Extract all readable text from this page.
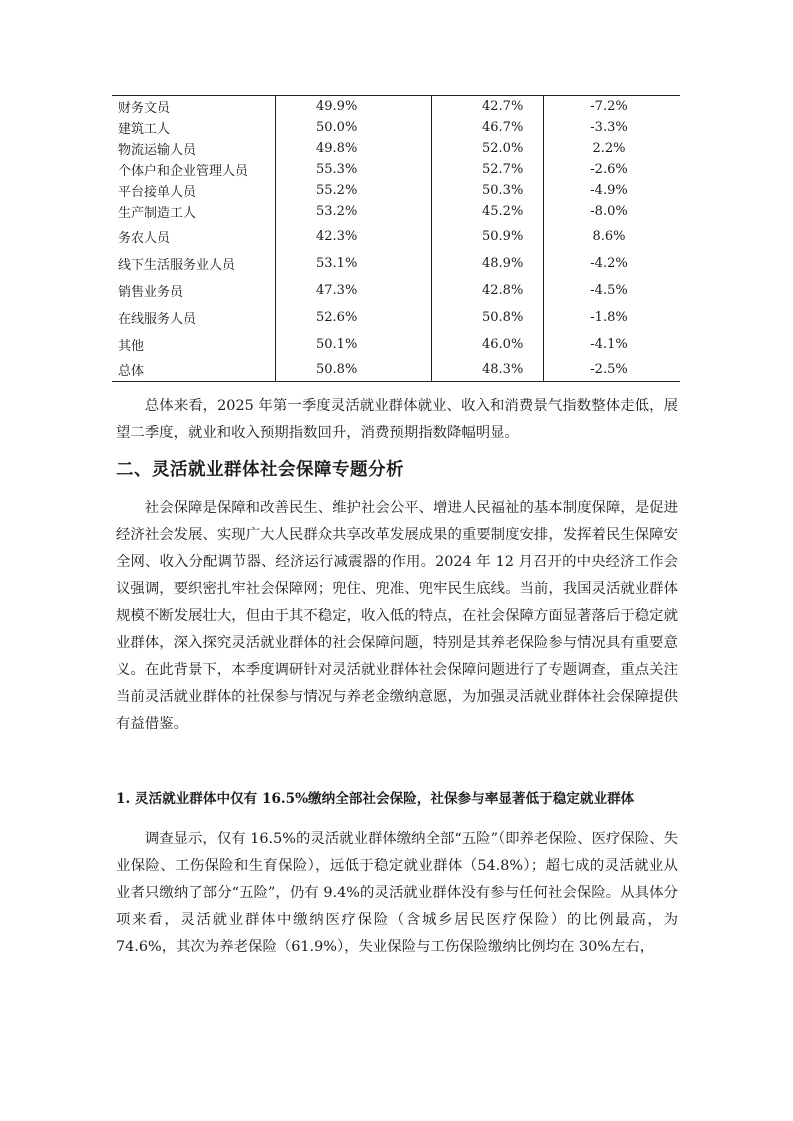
财务文员	49.9%	42.7%	-7.2%
建筑工人	50.0%	46.7%	-3.3%
物流运输人员	49.8%	52.0%	2.2%
个体户和企业管理人员	55.3%	52.7%	-2.6%
平台接单人员	55.2%	50.3%	-4.9%
生产制造工人	53.2%	45.2%	-8.0%
务农人员	42.3%	50.9%	8.6%
线下生活服务业人员	53.1%	48.9%	-4.2%
销售业务员	47.3%	42.8%	-4.5%
在线服务人员	52.6%	50.8%	-1.8%
其他	50.1%	46.0%	-4.1%
总体	50.8%	48.3%	-2.5%

总体来看，2025 年第一季度灵活就业群体就业、收入和消费景气指数整体走低，展望二季度，就业和收入预期指数回升，消费预期指数降幅明显。

二、灵活就业群体社会保障专题分析

社会保障是保障和改善民生、维护社会公平、增进人民福祉的基本制度保障，是促进经济社会发展、实现广大人民群众共享改革发展成果的重要制度安排，发挥着民生保障安全网、收入分配调节器、经济运行减震器的作用。2024 年 12 月召开的中央经济工作会议强调，要织密扎牢社会保障网；兜住、兜准、兜牢民生底线。当前，我国灵活就业群体规模不断发展壮大，但由于其不稳定，收入低的特点，在社会保障方面显著落后于稳定就业群体，深入探究灵活就业群体的社会保障问题，特别是其养老保险参与情况具有重要意义。在此背景下，本季度调研针对灵活就业群体社会保障问题进行了专题调查，重点关注当前灵活就业群体的社保参与情况与养老金缴纳意愿，为加强灵活就业群体社会保障提供有益借鉴。

1. 灵活就业群体中仅有 16.5%缴纳全部社会保险，社保参与率显著低于稳定就业群体

调查显示，仅有 16.5%的灵活就业群体缴纳全部“五险”（即养老保险、医疗保险、失业保险、工伤保险和生育保险），远低于稳定就业群体（54.8%）；超七成的灵活就业从业者只缴纳了部分“五险”，仍有 9.4%的灵活就业群体没有参与任何社会保险。从具体分项来看，灵活就业群体中缴纳医疗保险（含城乡居民医疗保险）的比例最高，为 74.6%，其次为养老保险（61.9%），失业保险与工伤保险缴纳比例均在 30%左右，
